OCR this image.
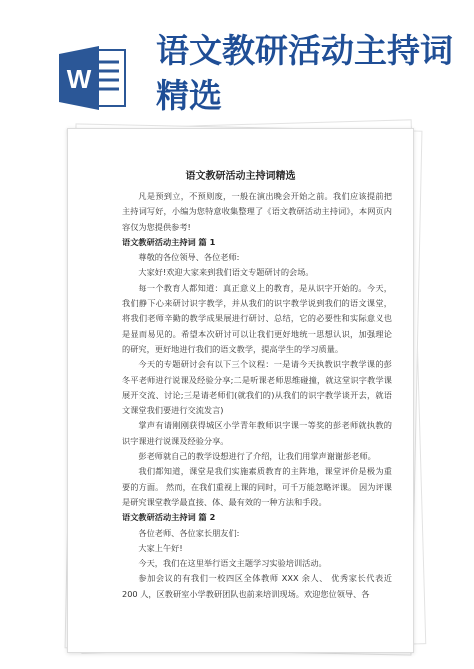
W
语文教研活动主持词精选
语文教研活动主持词精选
凡是预到立，不预则废，一般在演出晚会开始之前。我们应该提前把主持词写好，小编为您特意收集整理了《语文教研活动主持词》，本网页内容仅为您提供参考!
语文教研活动主持词 篇 1
尊敬的各位领导、各位老师:
大家好!欢迎大家来到我们语文专题研讨的会场。
每一个教育人都知道：真正意义上的教育，是从识字开始的。今天，我们静下心来研讨识字教学，并从我们的识字教学说到我们的语文课堂，将我们老师辛勤的教学成果展进行研讨、总结，它的必要性和实际意义也是显而易见的。希望本次研讨可以让我们更好地统一思想认识，加强理论的研究，更好地进行我们的语文教学，提高学生的学习质量。
今天的专题研讨会有以下三个议程：一是请今天执教识字教学课的彭冬平老师进行说课及经验分享;二是听课老师思维碰撞，就这堂识字教学课展开交流、讨论;三是请老师们(就我们的)从我们的识字教学谈开去，就语文课堂我们要进行交流发言)
掌声有请刚刚获得城区小学青年教师识字课一等奖的彭老师就执教的识字课进行说课及经验分享。
彭老师就自己的教学设想进行了介绍，让我们用掌声谢谢彭老师。
我们都知道，课堂是我们实施素质教育的主阵地，课堂评价是极为重要的方面。 然而，在我们重视上课的同时，可千万能忽略评课。 因为评课是研究课堂教学最直接、体、最有效的一种方法和手段。
语文教研活动主持词 篇 2
各位老师、各位家长朋友们:
大家上午好!
今天，我们在这里举行语文主题学习实验培训活动。
参加会议的有我们一校四区全体教师 XXX 余人、 优秀家长代表近 200 人，区教研室小学教研团队也前来培训现场。欢迎您位领导、各
